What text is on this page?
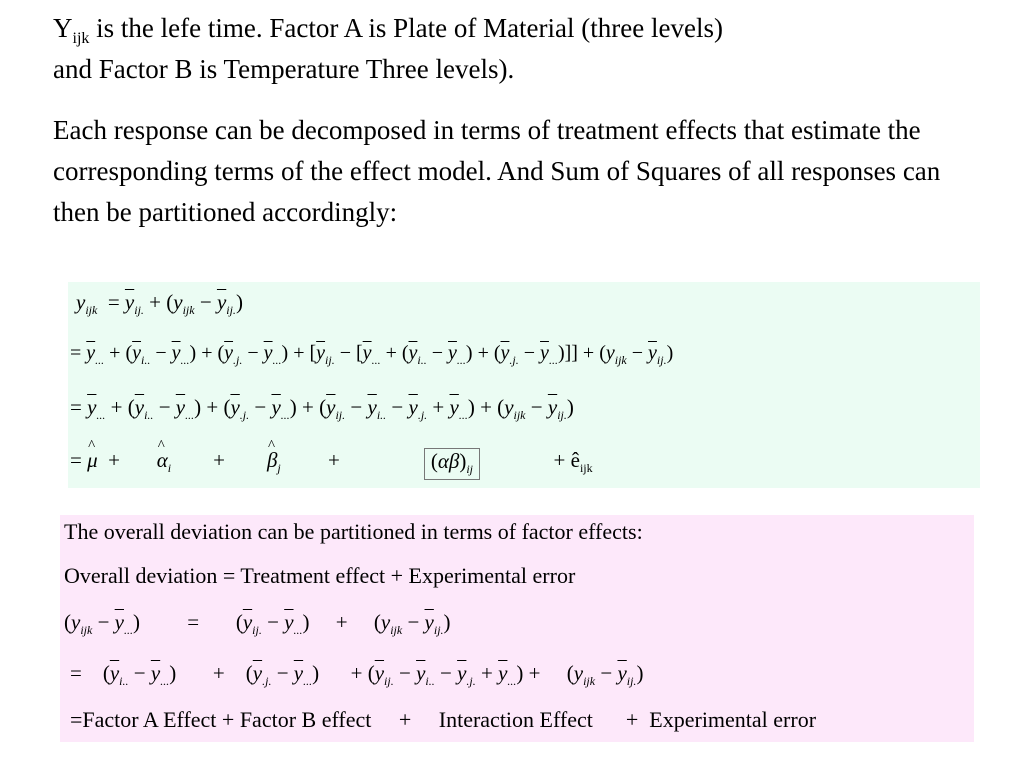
$Y_{ijk}$ is the lefe time. Factor A is Plate of Material (three levels)
and Factor B is Temperature Three levels).

Each response can be decomposed in terms of treatment effects that estimate the corresponding terms of the effect model. And Sum of Squares of all responses can then be partitioned accordingly:

$y_{ijk} = \overline{y}_{ij.} + (y_{ijk} - \overline{y}_{ij.})$
= $\overline{y}_{...} + (\overline{y}_{i..} - \overline{y}_{...}) + (\overline{y}_{.j.} - \overline{y}_{...}) + [\overline{y}_{ij.} - [\overline{y}_{...} + (\overline{y}_{i..} - \overline{y}_{...}) + (\overline{y}_{.j.} - \overline{y}_{...})]] + (y_{ijk} - \overline{y}_{ij.})$
= $\overline{y}_{...} + (\overline{y}_{i..} - \overline{y}_{...}) + (\overline{y}_{.j.} - \overline{y}_{...}) + (\overline{y}_{ij.} - \overline{y}_{i..} - \overline{y}_{.j.} + \overline{y}_{...}) + (y_{ijk} - \overline{y}_{ij.})$
= ^ μ  +       ^ $\alpha_i$        +        ^ $\beta_j$         +                $(\alpha\beta)_{ij}$              + $ê_{ijk}$
The overall deviation can be partitioned in terms of factor effects:
Overall deviation = Treatment effect + Experimental error
$(y_{ijk} - \overline{y}_{...})$         =       $(\overline{y}_{ij.} - \overline{y}_{...})$     +     $(y_{ijk} - \overline{y}_{ij.})$
=    $(\overline{y}_{i..} - \overline{y}_{...})$       +    $(\overline{y}_{.j.} - \overline{y}_{...})$      + $(\overline{y}_{ij.} - \overline{y}_{i..} - \overline{y}_{.j.} + \overline{y}_{...})$ +     $(y_{ijk} - \overline{y}_{ij.})$
=Factor A Effect + Factor B effect     +     Interaction Effect      +  Experimental error
